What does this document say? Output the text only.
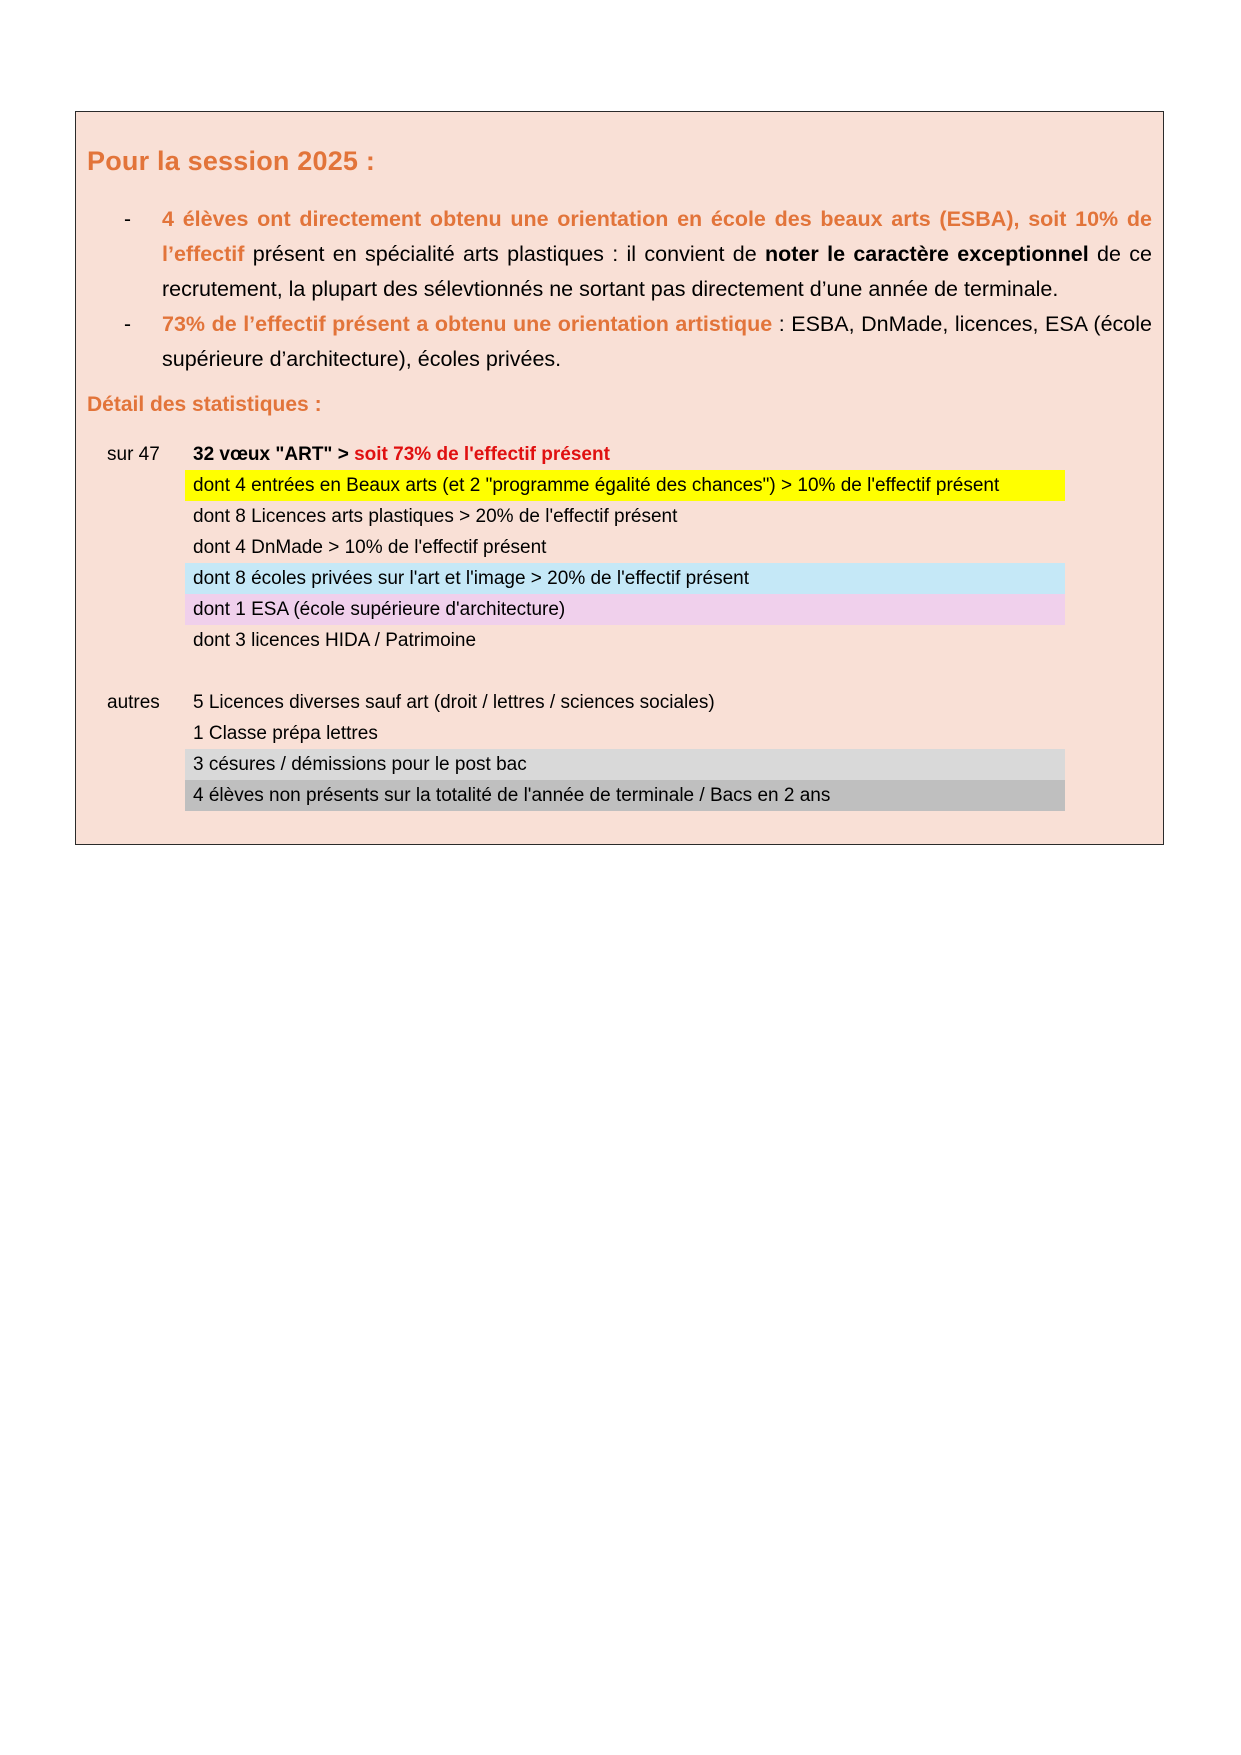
Pour la session 2025 :
-	4 élèves ont directement obtenu une orientation en école des beaux arts (ESBA), soit 10% de l’effectif présent en spécialité arts plastiques : il convient de noter le caractère exceptionnel de ce recrutement, la plupart des sélevtionnés ne sortant pas directement d’une année de terminale.

-	73% de l’effectif présent a obtenu une orientation artistique : ESBA, DnMade, licences, ESA (école supérieure d’architecture), écoles privées.

Détail des statistiques :
sur 47	32 vœux "ART" > soit 73% de l'effectif présent
dont 4 entrées en Beaux arts (et 2 "programme égalité des chances") > 10% de l'effectif présent
dont 8 Licences arts plastiques > 20% de l'effectif présent
dont 4 DnMade > 10% de l'effectif présent
dont 8 écoles privées sur l'art et l'image > 20% de l'effectif présent
dont 1 ESA (école supérieure d'architecture)
dont 3 licences HIDA / Patrimoine
autres	5 Licences diverses sauf art (droit / lettres / sciences sociales)
1 Classe prépa lettres
3 césures / démissions pour le post bac
4 élèves non présents sur la totalité de l'année de terminale / Bacs en 2 ans
